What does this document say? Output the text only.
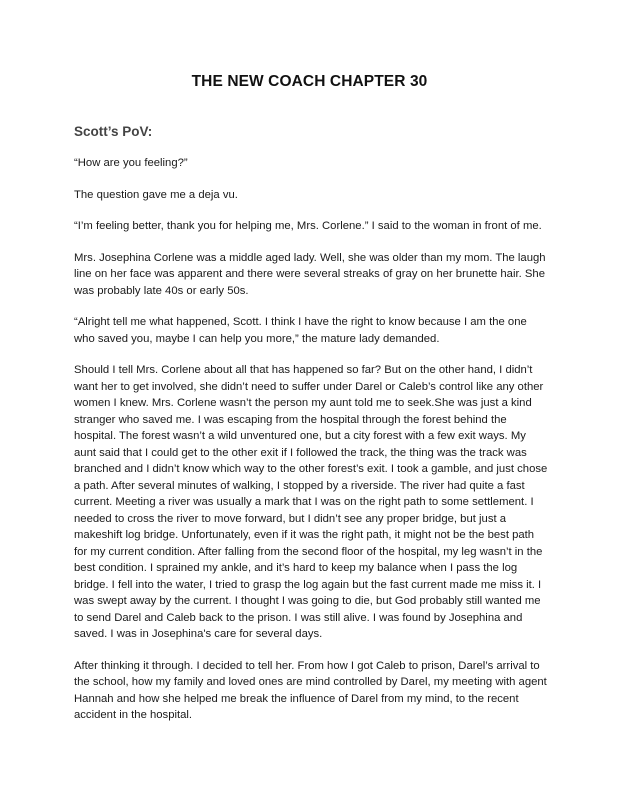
THE NEW COACH CHAPTER 30
Scott’s PoV:

“How are you feeling?”

The question gave me a deja vu.

“I’m feeling better, thank you for helping me, Mrs. Corlene.” I said to the woman in front of me.

Mrs. Josephina Corlene was a middle aged lady. Well, she was older than my mom. The laugh line on her face was apparent and there were several streaks of gray on her brunette hair. She was probably late 40s or early 50s.

“Alright tell me what happened, Scott. I think I have the right to know because I am the one who saved you, maybe I can help you more,” the mature lady demanded.

Should I tell Mrs. Corlene about all that has happened so far? But on the other hand, I didn’t want her to get involved, she didn’t need to suffer under Darel or Caleb’s control like any other women I knew. Mrs. Corlene wasn’t the person my aunt told me to seek.She was just a kind stranger who saved me. I was escaping from the hospital through the forest behind the hospital. The forest wasn’t a wild unventured one, but a city forest with a few exit ways. My aunt said that I could get to the other exit if I followed the track, the thing was the track was branched and I didn’t know which way to the other forest’s exit. I took a gamble, and just chose a path. After several minutes of walking, I stopped by a riverside. The river had quite a fast current. Meeting a river was usually a mark that I was on the right path to some settlement. I needed to cross the river to move forward, but I didn’t see any proper bridge, but just a makeshift log bridge. Unfortunately, even if it was the right path, it might not be the best path for my current condition. After falling from the second floor of the hospital, my leg wasn’t in the best condition. I sprained my ankle, and it’s hard to keep my balance when I pass the log bridge. I fell into the water, I tried to grasp the log again but the fast current made me miss it. I was swept away by the current. I thought I was going to die, but God probably still wanted me to send Darel and Caleb back to the prison. I was still alive. I was found by Josephina and saved. I was in Josephina's care for several days.

After thinking it through. I decided to tell her. From how I got Caleb to prison, Darel’s arrival to the school, how my family and loved ones are mind controlled by Darel, my meeting with agent Hannah and how she helped me break the influence of Darel from my mind, to the recent accident in the hospital.
